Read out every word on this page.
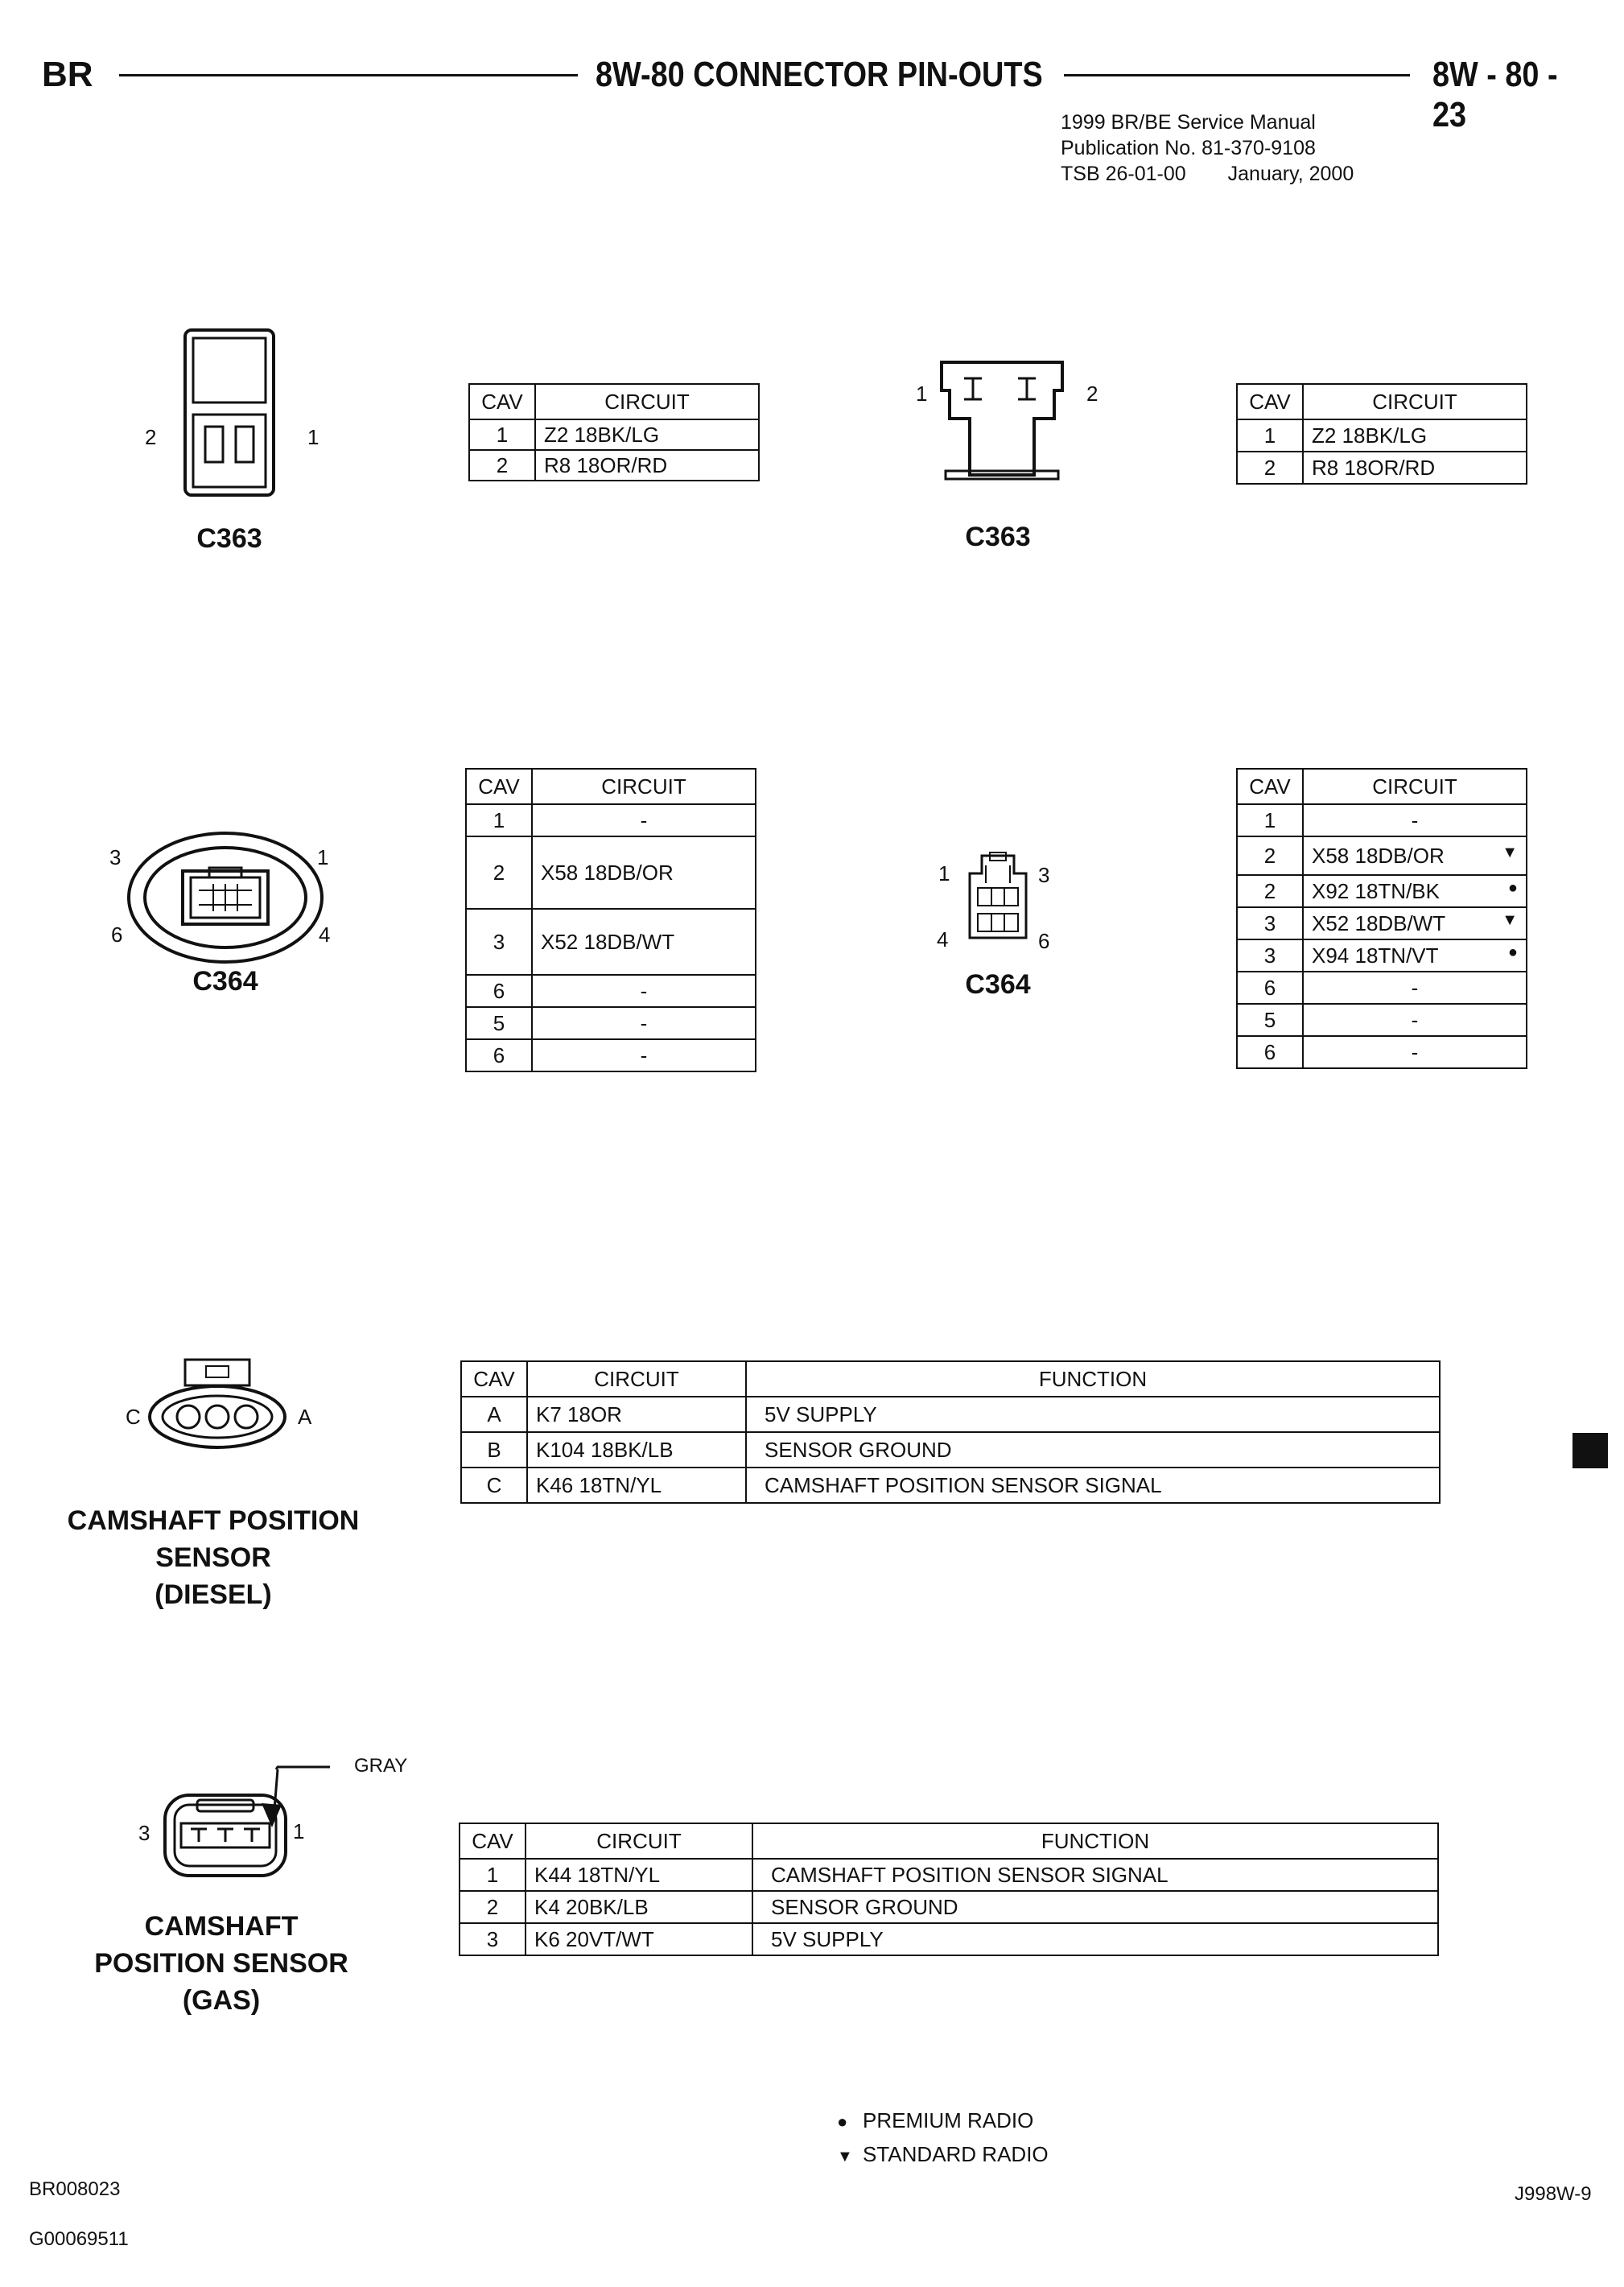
BR	8W-80 CONNECTOR PIN-OUTS	8W - 80 - 23
1999 BR/BE Service Manual
Publication No. 81-370-9108
TSB 26-01-00 January, 2000
2	1
C363
CAV	CIRCUIT
1	Z2 18BK/LG
2	R8 18OR/RD
1	2
C363
CAV	CIRCUIT
1	Z2 18BK/LG
2	R8 18OR/RD
3	1
6	4
C364
CAV	CIRCUIT
1	-
2	X58 18DB/OR
3	X52 18DB/WT
6	-
5	-
6	-
1	3
4	6
C364
CAV	CIRCUIT
1	-
2	X58 18DB/OR ▼

2	X92 18TN/BK ●

3	X52 18DB/WT ▼

3	X94 18TN/VT ●

6	-
5	-
6	-
C	A
CAMSHAFT POSITION
SENSOR
(DIESEL)
CAV	CIRCUIT	FUNCTION
A	K7 18OR	5V SUPPLY
B	K104 18BK/LB	SENSOR GROUND
C	K46 18TN/YL	CAMSHAFT POSITION SENSOR SIGNAL
GRAY
3	1
CAMSHAFT
POSITION SENSOR
(GAS)
CAV	CIRCUIT	FUNCTION
1	K44 18TN/YL	CAMSHAFT POSITION SENSOR SIGNAL
2	K4 20BK/LB	SENSOR GROUND
3	K6 20VT/WT	5V SUPPLY
● PREMIUM RADIO
▼ STANDARD RADIO
BR008023
G00069511
J998W-9
